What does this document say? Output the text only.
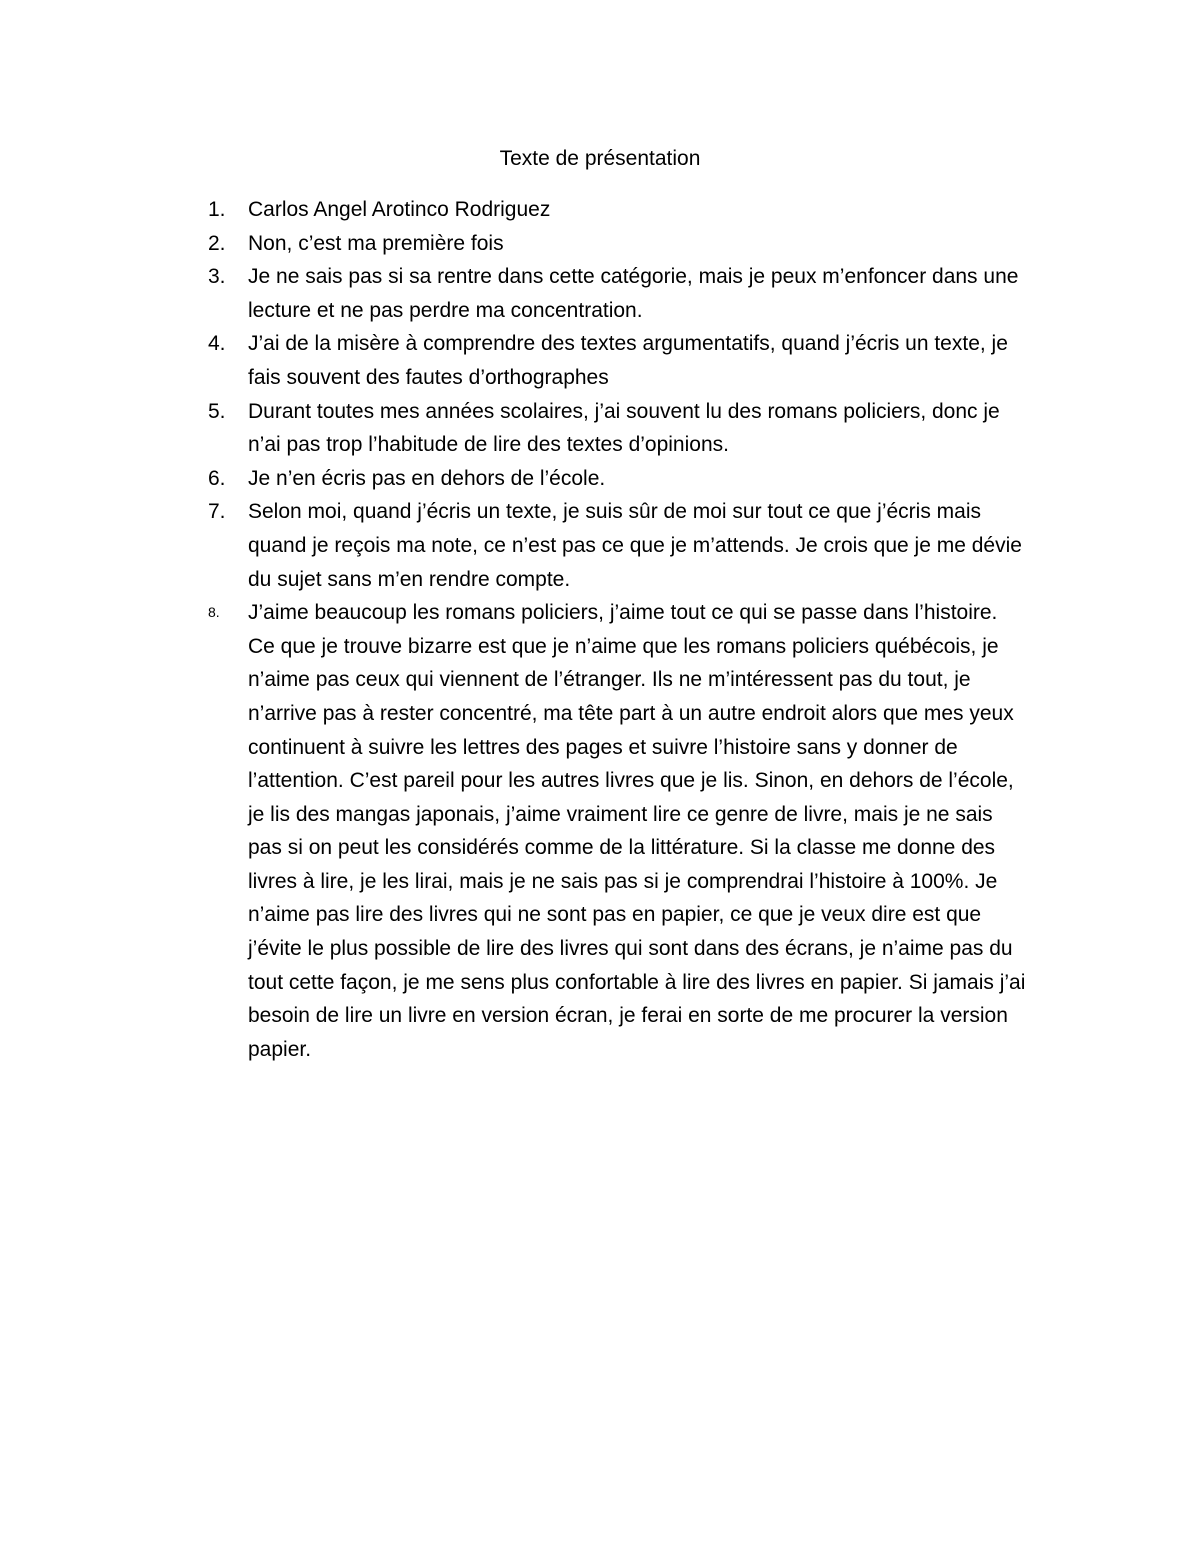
Texte de présentation
1.	Carlos Angel Arotinco Rodriguez
2.	Non, c’est ma première fois
3.	Je ne sais pas si sa rentre dans cette catégorie, mais je peux m’enfoncer dans une lecture et ne pas perdre ma concentration.
4.	J’ai de la misère à comprendre des textes argumentatifs, quand j’écris un texte, je fais souvent des fautes d’orthographes
5.	Durant toutes mes années scolaires, j’ai souvent lu des romans policiers, donc je n’ai pas trop l’habitude de lire des textes d’opinions.
6.	Je n’en écris pas en dehors de l’école.
7.	Selon moi, quand j’écris un texte, je suis sûr de moi sur tout ce que j’écris mais quand je reçois ma note, ce n’est pas ce que je m’attends. Je crois que je me dévie du sujet sans m’en rendre compte.
8.	J’aime beaucoup les romans policiers, j’aime tout ce qui se passe dans l’histoire. Ce que je trouve bizarre est que je n’aime que les romans policiers québécois, je n’aime pas ceux qui viennent de l’étranger. Ils ne m’intéressent pas du tout, je n’arrive pas à rester concentré, ma tête part à un autre endroit alors que mes yeux continuent à suivre les lettres des pages et suivre l’histoire sans y donner de l’attention. C’est pareil pour les autres livres que je lis. Sinon, en dehors de l’école, je lis des mangas japonais, j’aime vraiment lire ce genre de livre, mais je ne sais pas si on peut les considérés comme de la littérature. Si la classe me donne des livres à lire, je les lirai, mais je ne sais pas si je comprendrai l’histoire à 100%. Je n’aime pas lire des livres qui ne sont pas en papier, ce que je veux dire est que j’évite le plus possible de lire des livres qui sont dans des écrans, je n’aime pas du tout cette façon, je me sens plus confortable à lire des livres en papier. Si jamais j’ai besoin de lire un livre en version écran, je ferai en sorte de me procurer la version papier.
